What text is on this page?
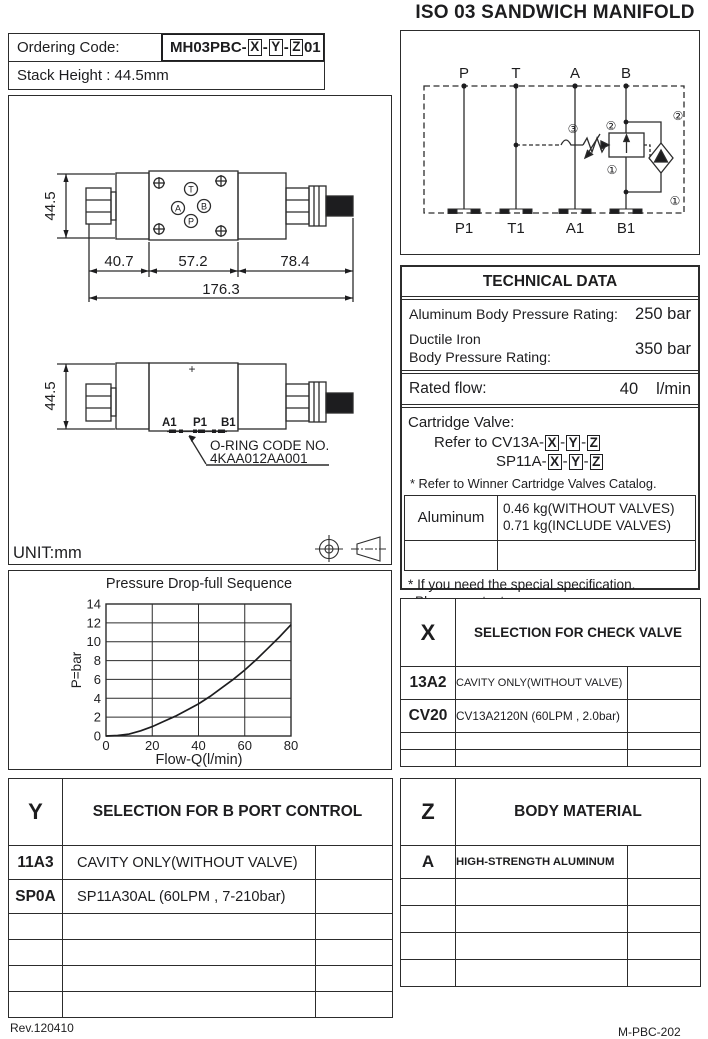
ISO 03 SANDWICH MANIFOLD
Ordering Code:	MH03PBC- X - Y - Z 01
Stack Height : 44.5mm	P	T	A	B
P1 T1	A1 B1
②
②
③
①
①
44.5
40.7	57.2	78.4
176.3
T
A B
P
44.5
+
A1 P1 B1
O-RING CODE NO.
4KAA012AA001
UNIT:mm
TECHNICAL DATA
Aluminum Body Pressure Rating: 250 bar
Ductile Iron
Body Pressure Rating:	350 bar
Rated flow:	40 l/min
Cartridge Valve:
Refer to CV13A- X - Y - Z
SP11A- X - Y - Z
* Refer to Winner Cartridge Valves Catalog.
Aluminum
0.46 kg(WITHOUT VALVES)
0.71 kg(INCLUDE VALVES)
* If you need the special specification.
Pressure Drop-full Sequence
0	20 40 60 80
0
2
4
6
8
10
12
14
P=bar
Flow-Q(l/min)
X	SELECTION FOR CHECK VALVE	
13A2	CAVITY ONLY(WITHOUT VALVE)	
CV20	CV13A2120N (60LPM , 2.0bar)	

Y	SELECTION FOR B PORT CONTROL	
11A3	CAVITY ONLY(WITHOUT VALVE)	
SP0A	SP11A30AL (60LPM , 7-210bar)	

Z	BODY MATERIAL	
A	HIGH-STRENGTH ALUMINUM	

Rev.120410	M-PBC-202
